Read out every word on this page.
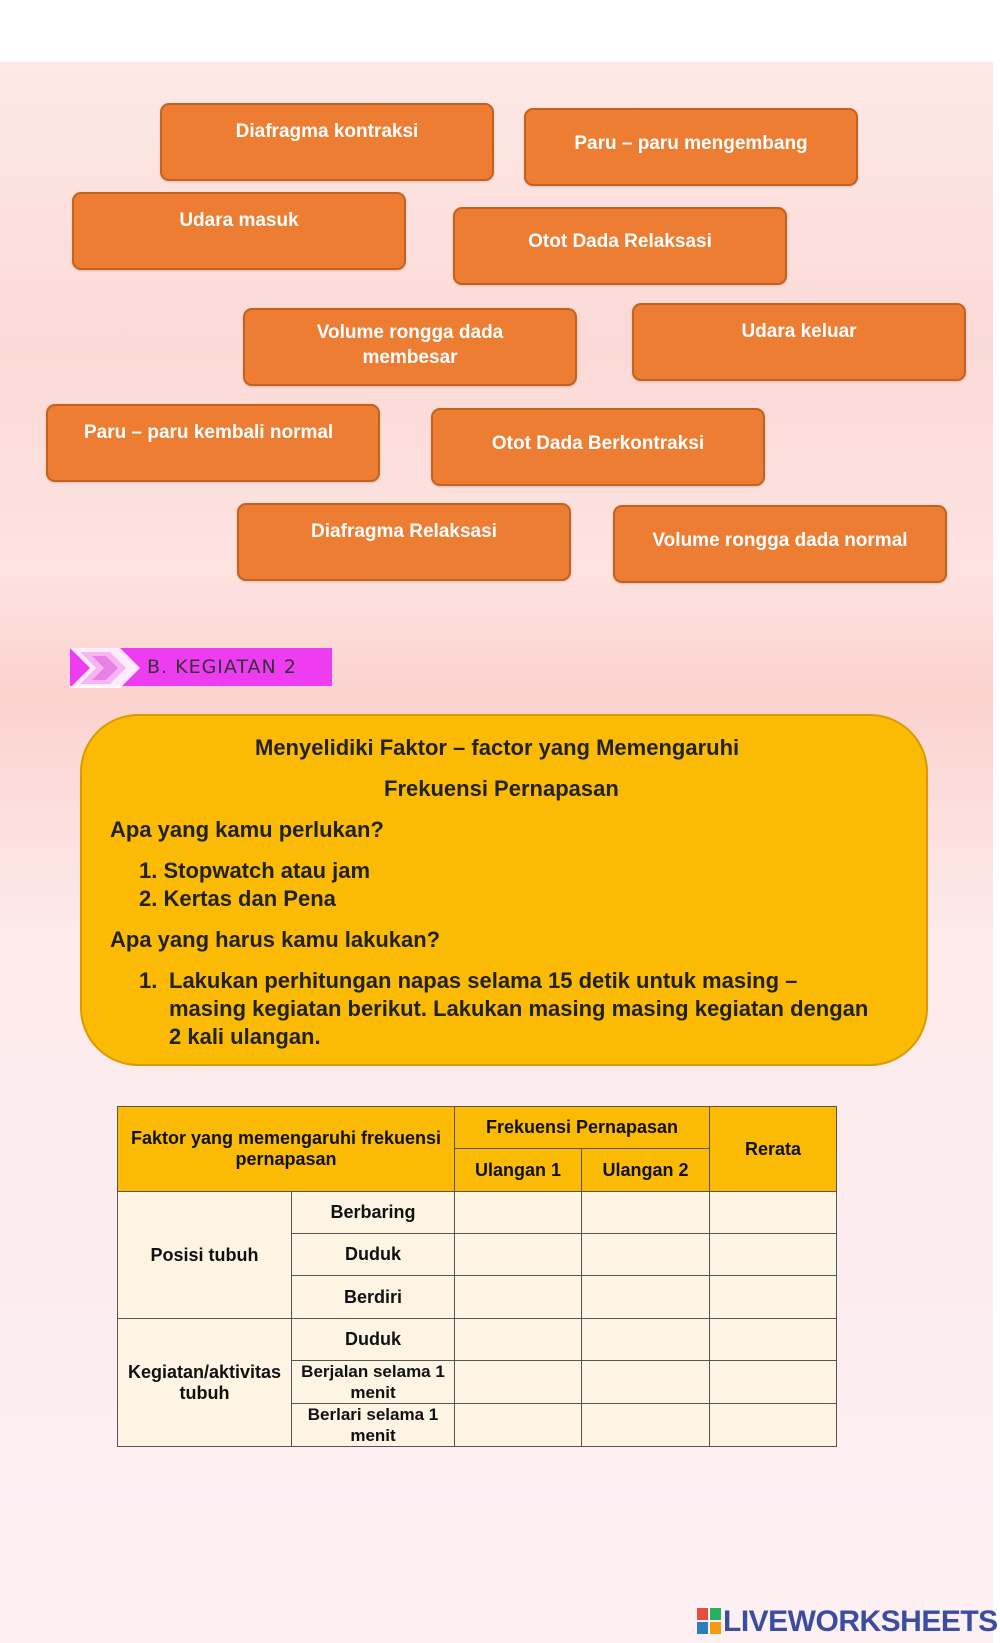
Diafragma kontraksi
Paru – paru mengembang
Udara masuk
Otot Dada Relaksasi
Volume rongga dada membesar
Udara keluar
Paru – paru kembali normal
Otot Dada Berkontraksi
Diafragma Relaksasi	Volume rongga dada normal
B. KEGIATAN 2
Menyelidiki Faktor – factor yang Memengaruhi
Frekuensi Pernapasan
Apa yang kamu perlukan?
1. Stopwatch atau jam
2. Kertas dan Pena
Apa yang harus kamu lakukan?
1. Lakukan perhitungan napas selama 15 detik untuk masing –
masing kegiatan berikut. Lakukan masing masing kegiatan dengan
2 kali ulangan.
Faktor yang memengaruhi frekuensi pernapasan		Frekuensi Pernapasan		Rerata
		Ulangan 1	Ulangan 2	
Posisi tubuh	Berbaring			
	Duduk			
	Berdiri			
Kegiatan/aktivitas tubuh	Duduk			
	Berjalan selama 1 menit			
	Berlari selama 1 menit			
LIVEWORKSHEETS
